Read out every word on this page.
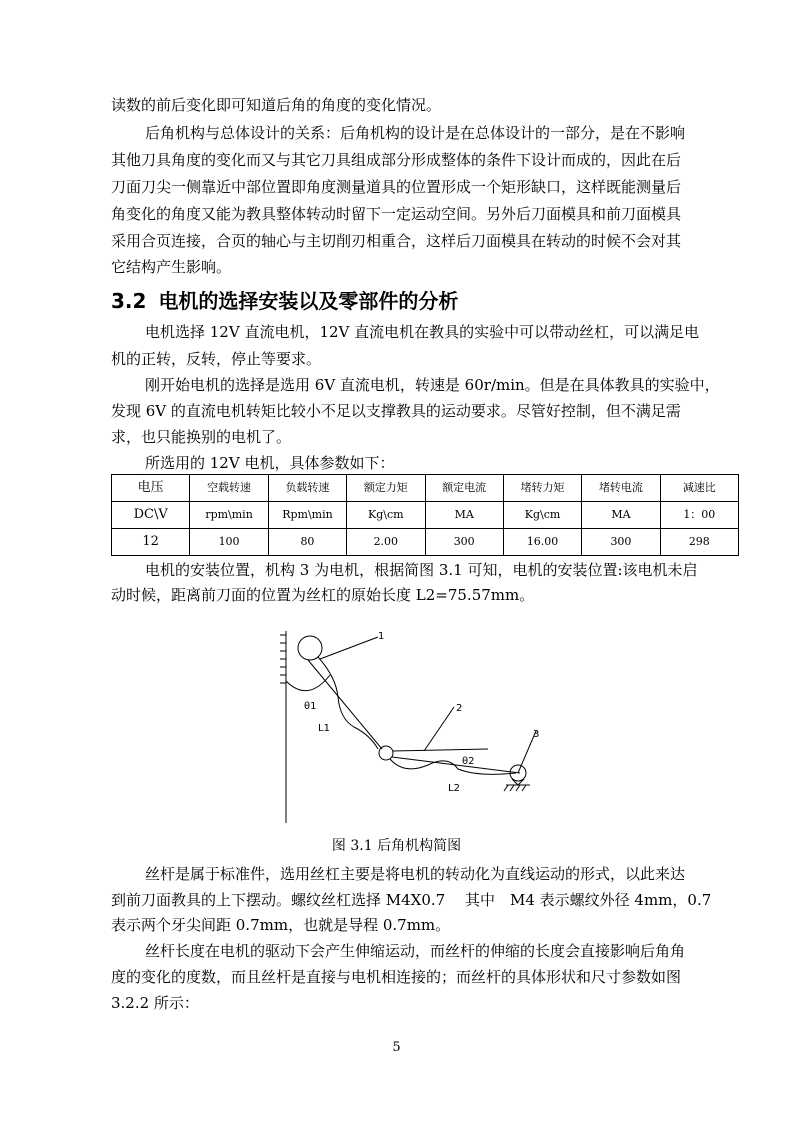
读数的前后变化即可知道后角的角度的变化情况。
后角机构与总体设计的关系：后角机构的设计是在总体设计的一部分，是在不影响
其他刀具角度的变化而又与其它刀具组成部分形成整体的条件下设计而成的，因此在后
刀面刀尖一侧靠近中部位置即角度测量道具的位置形成一个矩形缺口，这样既能测量后
角变化的角度又能为教具整体转动时留下一定运动空间。另外后刀面模具和前刀面模具
采用合页连接，合页的轴心与主切削刃相重合，这样后刀面模具在转动的时候不会对其
它结构产生影响。
3.2 电机的选择安装以及零部件的分析
电机选择 12V 直流电机，12V 直流电机在教具的实验中可以带动丝杠，可以满足电
机的正转，反转，停止等要求。
刚开始电机的选择是选用 6V 直流电机，转速是 60r/min。但是在具体教具的实验中，
发现 6V 的直流电机转矩比较小不足以支撑教具的运动要求。尽管好控制，但不满足需
求，也只能换别的电机了。
所选用的 12V 电机，具体参数如下：
电压	空载转速	负载转速	额定力矩	额定电流	堵转力矩	堵转电流	减速比
DC\V	rpm\min	Rpm\min	Kg\cm	MA	Kg\cm	MA	1：00
12	100	80	2.00	300	16.00	300	298
电机的安装位置，机构 3 为电机，根据简图 3.1 可知，电机的安装位置:该电机未启
动时候，距离前刀面的位置为丝杠的原始长度 L2=75.57mm。
1
θ1
L1
2
3
θ2
L2
图 3.1 后角机构简图
丝杆是属于标准件，选用丝杠主要是将电机的转动化为直线运动的形式，以此来达
到前刀面教具的上下摆动。螺纹丝杠选择 M4X0.7　 其中　M4 表示螺纹外径 4mm，0.7
表示两个牙尖间距 0.7mm，也就是导程 0.7mm。
丝杆长度在电机的驱动下会产生伸缩运动，而丝杆的伸缩的长度会直接影响后角角
度的变化的度数，而且丝杆是直接与电机相连接的；而丝杆的具体形状和尺寸参数如图
3.2.2 所示：
5
